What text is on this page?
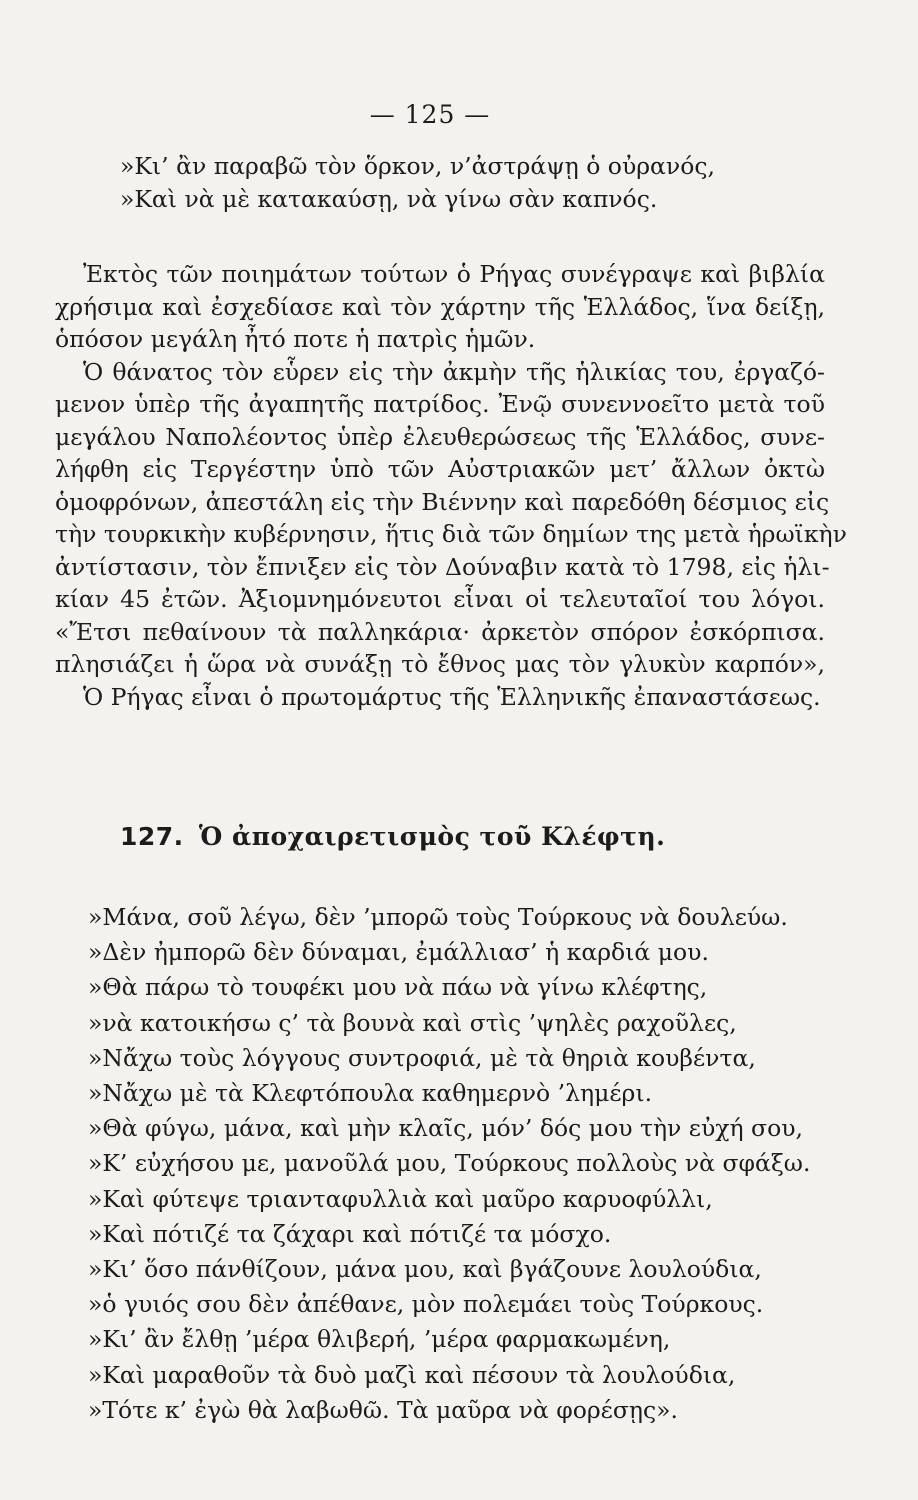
— 125 —
»Κι’ ἂν παραβῶ τὸν ὅρκον, ν’ἀστράψῃ ὁ οὐρανός,
»Καὶ νὰ μὲ κατακαύσῃ, νὰ γίνω σὰν καπνός.
Ἐκτὸς τῶν ποιημάτων τούτων ὁ Ρήγας συνέγραψε καὶ βιβλία
χρήσιμα καὶ ἐσχεδίασε καὶ τὸν χάρτην τῆς Ἑλλάδος, ἵνα δείξῃ,
ὁπόσον μεγάλη ἦτό ποτε ἡ πατρὶς ἡμῶν.
Ὁ θάνατος τὸν εὗρεν εἰς τὴν ἀκμὴν τῆς ἡλικίας του, ἐργαζό-
μενον ὑπὲρ τῆς ἀγαπητῆς πατρίδος. Ἐνῷ συνεννοεῖτο μετὰ τοῦ
μεγάλου Ναπολέοντος ὑπὲρ ἐλευθερώσεως τῆς Ἑλλάδος, συνε-
λήφθη εἰς Τεργέστην ὑπὸ τῶν Αὐστριακῶν μετ’ ἄλλων ὀκτὼ
ὁμοφρόνων, ἀπεστάλη εἰς τὴν Βιέννην καὶ παρεδόθη δέσμιος εἰς
τὴν τουρκικὴν κυβέρνησιν, ἥτις διὰ τῶν δημίων της μετὰ ἡρωϊκὴν
ἀντίστασιν, τὸν ἔπνιξεν εἰς τὸν Δούναβιν κατὰ τὸ 1798, εἰς ἡλι-
κίαν 45 ἐτῶν. Ἀξιομνημόνευτοι εἶναι οἱ τελευταῖοί του λόγοι.
«Ἔτσι πεθαίνουν τὰ παλληκάρια· ἀρκετὸν σπόρον ἐσκόρπισα.
πλησιάζει ἡ ὥρα νὰ συνάξῃ τὸ ἔθνος μας τὸν γλυκὺν καρπόν»,
Ὁ Ρήγας εἶναι ὁ πρωτομάρτυς τῆς Ἑλληνικῆς ἐπαναστάσεως.
127. Ὁ ἀποχαιρετισμὸς τοῦ Κλέφτη.
»Μάνα, σοῦ λέγω, δὲν ’μπορῶ τοὺς Τούρκους νὰ δουλεύω.
»Δὲν ἠμπορῶ δὲν δύναμαι, ἐμάλλιασ’ ἡ καρδιά μου.
»Θὰ πάρω τὸ τουφέκι μου νὰ πάω νὰ γίνω κλέφτης,
»νὰ κατοικήσω ς’ τὰ βουνὰ καὶ στὶς ’ψηλὲς ραχοῦλες,
»Νἄχω τοὺς λόγγους συντροφιά, μὲ τὰ θηριὰ κουβέντα,
»Νἄχω μὲ τὰ Κλεφτόπουλα καθημερνὸ ’λημέρι.
»Θὰ φύγω, μάνα, καὶ μὴν κλαῖς, μόν’ δός μου τὴν εὐχή σου,
»Κ’ εὐχήσου με, μανοῦλά μου, Τούρκους πολλοὺς νὰ σφάξω.
»Καὶ φύτεψε τριανταφυλλιὰ καὶ μαῦρο καρυοφύλλι,
»Καὶ πότιζέ τα ζάχαρι καὶ πότιζέ τα μόσχο.
»Κι’ ὅσο πάνθίζουν, μάνα μου, καὶ βγάζουνε λουλούδια,
»ὁ γυιός σου δὲν ἀπέθανε, μὸν πολεμάει τοὺς Τούρκους.
»Κι’ ἂν ἔλθῃ ’μέρα θλιβερή, ’μέρα φαρμακωμένη,
»Καὶ μαραθοῦν τὰ δυὸ μαζὶ καὶ πέσουν τὰ λουλούδια,
»Τότε κ’ ἐγὼ θὰ λαβωθῶ. Τὰ μαῦρα νὰ φορέσῃς».
